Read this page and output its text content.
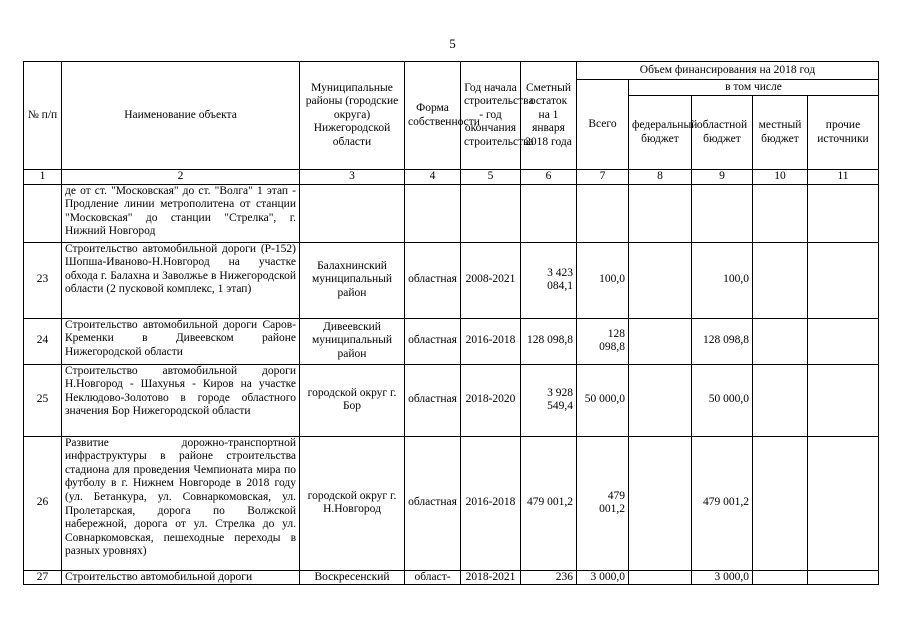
5
№ п/п	Наименование объекта	Муниципальные районы (городские округа) Нижегородской области	Форма собственности	Год начала строительства - год окончания строительства	Сметный остаток на 1 января 2018 года	Объем финансирования на 2018 год				
						Всего	в том числе			
							федеральный бюджет	областной бюджет	местный бюджет	прочие источники
1	2	3	4	5	6	7	8	9	10	11
	де от ст. "Московская" до ст. "Волга" 1 этап - Продление линии метрополитена от станции "Московская" до станции "Стрелка", г. Нижний Новгород									
23	Строительство автомобильной дороги (Р-152) Шопша-Иваново-Н.Новгород на участке обхода г. Балахна и Заволжье в Нижегородской области (2 пусковой комплекс, 1 этап)	Балахнинский муниципальный район	областная	2008-2021	3 423 084,1	100,0		100,0		
24	Строительство автомобильной дороги Саров-Кременки в Дивеевском районе Нижегородской области	Дивеевский муниципальный район	областная	2016-2018	128 098,8	128 098,8		128 098,8		
25	Строительство автомобильной дороги Н.Новгород - Шахунья - Киров на участке Неклюдово-Золотово в городе областного значения Бор Нижегородской области	городской округ г. Бор	областная	2018-2020	3 928 549,4	50 000,0		50 000,0		
26	Развитие дорожно-транспортной инфраструктуры в районе строительства стадиона для проведения Чемпионата мира по футболу в г. Нижнем Новгороде в 2018 году (ул. Бетанкура, ул. Совнаркомовская, ул. Пролетарская, дорога по Волжской набережной, дорога от ул. Стрелка до ул. Совнаркомовская, пешеходные переходы в разных уровнях)	городской округ г. Н.Новгород	областная	2016-2018	479 001,2	479 001,2		479 001,2		
27	Строительство автомобильной дороги	Воскресенский	област-	2018-2021	236	3 000,0		3 000,0		
